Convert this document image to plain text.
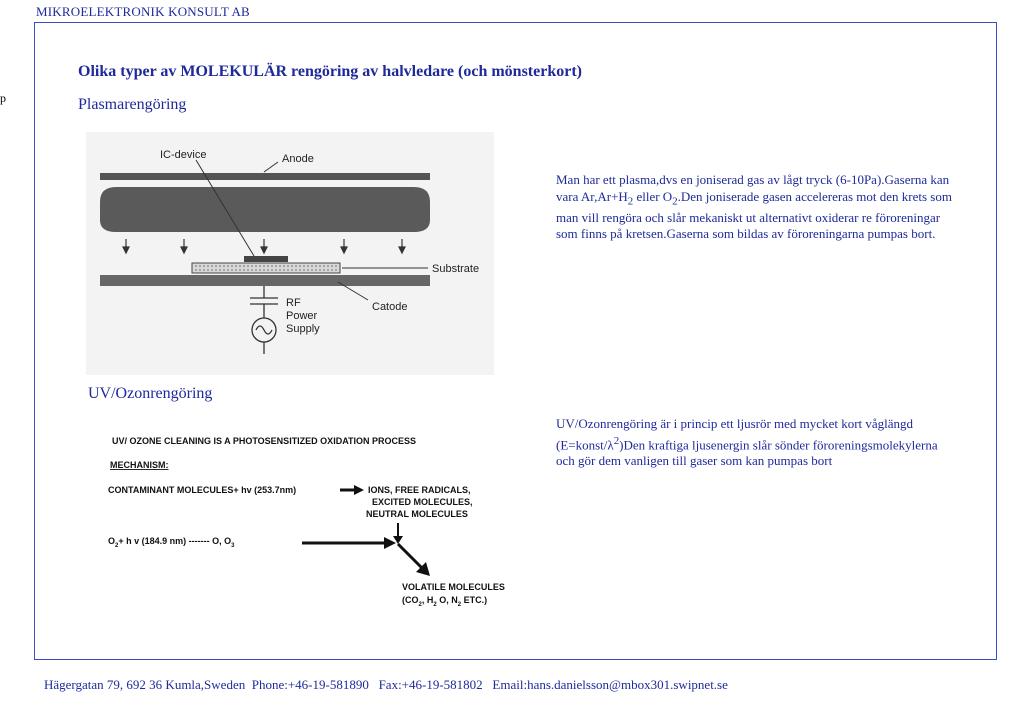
MIKROELEKTRONIK KONSULT AB
p
Olika typer av MOLEKULÄR rengöring av halvledare (och mönsterkort)
Plasmarengöring
IC-device	Anode
Substrate
Catode
RF
Power
Supply
Man har ett plasma,dvs en joniserad gas av lågt tryck (6-10Pa).Gaserna kan vara $Ar,Ar+H_2$ eller $O_2.Den$ joniserade gasen accelereras mot den krets som man vill rengöra och slår mekaniskt ut alternativt oxiderar re föroreningar som finns på kretsen.Gaserna som bildas av föroreningarna pumpas bort.
UV/Ozonrengöring
UV/ OZONE CLEANING IS A PHOTOSENSITIZED OXIDATION PROCESS
MECHANISM:
CONTAMINANT MOLECULES+ hv (253.7nm)	IONS, FREE RADICALS,
EXCITED MOLECULES,
NEUTRAL MOLECULES
$O_2+ h$ v (184.9 nm) ------- O, $O_3$
VOLATILE MOLECULES
($CO_2$, $H_2$ O, $N_2$ ETC.)
UV/Ozonrengöring är i princip ett ljusrör med mycket kort våglängd $(E=konst/\lambda^2)Den$ kraftiga ljusenergin slår sönder föroreningsmolekylerna och gör dem vanligen till gaser som kan pumpas bort
Hägergatan 79, 692 36 Kumla,Sweden  Phone:+46-19-581890   Fax:+46-19-581802   Email:hans.danielsson@mbox301.swipnet.se
